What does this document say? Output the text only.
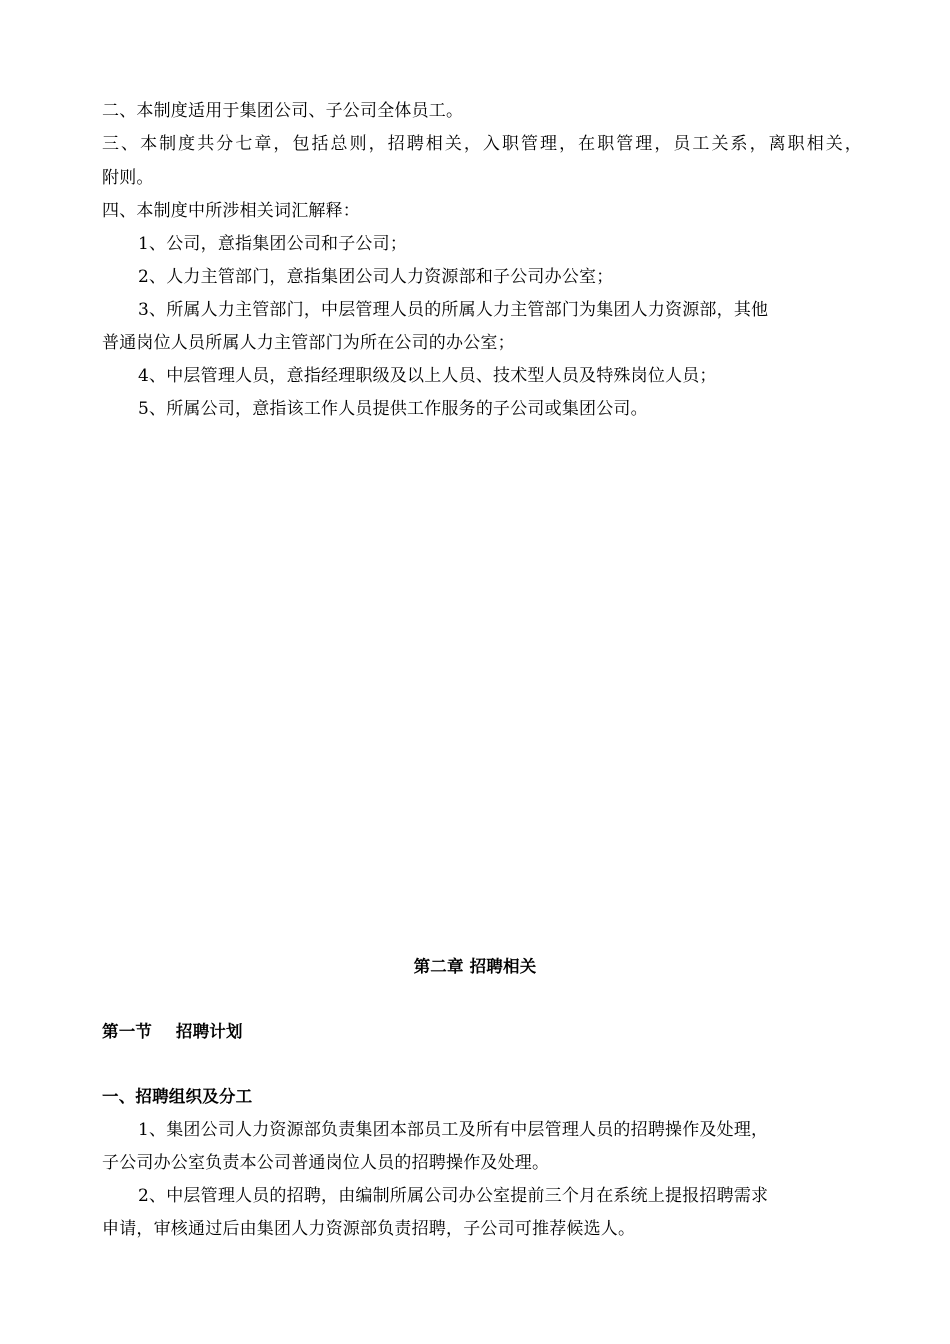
二、本制度适用于集团公司、子公司全体员工。
三、本制度共分七章，包括总则，招聘相关，入职管理，在职管理，员工关系，离职相关，
附则。
四、本制度中所涉相关词汇解释：
1、公司，意指集团公司和子公司；
2、人力主管部门，意指集团公司人力资源部和子公司办公室；
3、所属人力主管部门，中层管理人员的所属人力主管部门为集团人力资源部，其他
普通岗位人员所属人力主管部门为所在公司的办公室；
4、中层管理人员，意指经理职级及以上人员、技术型人员及特殊岗位人员；
5、所属公司，意指该工作人员提供工作服务的子公司或集团公司。
第二章 招聘相关
第一节    招聘计划
一、招聘组织及分工
1、集团公司人力资源部负责集团本部员工及所有中层管理人员的招聘操作及处理，
子公司办公室负责本公司普通岗位人员的招聘操作及处理。
2、中层管理人员的招聘，由编制所属公司办公室提前三个月在系统上提报招聘需求
申请，审核通过后由集团人力资源部负责招聘，子公司可推荐候选人。
